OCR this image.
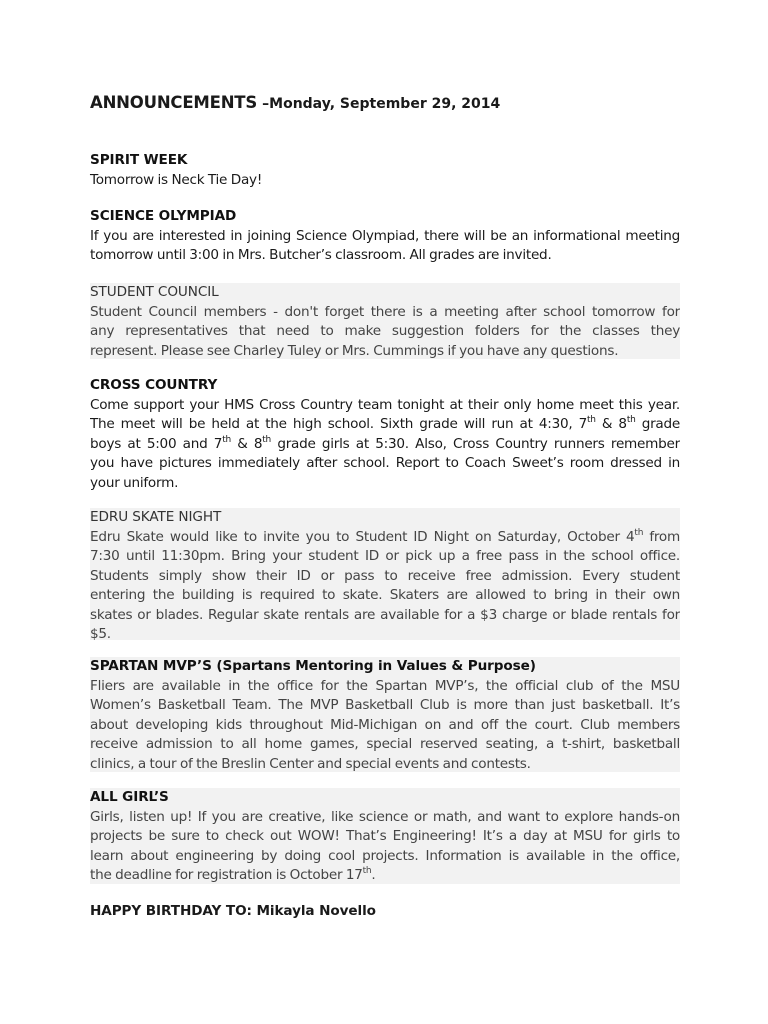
ANNOUNCEMENTS –Monday, September 29, 2014
SPIRIT WEEK
Tomorrow is Neck Tie Day!
SCIENCE OLYMPIAD
If you are interested in joining Science Olympiad, there will be an informational meeting
tomorrow until 3:00 in Mrs. Butcher’s classroom. All grades are invited.
STUDENT COUNCIL
Student Council members - don't forget there is a meeting after school tomorrow for
any representatives that need to make suggestion folders for the classes they
represent. Please see Charley Tuley or Mrs. Cummings if you have any questions.
CROSS COUNTRY
Come support your HMS Cross Country team tonight at their only home meet this year.
The meet will be held at the high school. Sixth grade will run at 4:30, 7th & 8th grade
boys at 5:00 and 7th & 8th grade girls at 5:30. Also, Cross Country runners remember
you have pictures immediately after school. Report to Coach Sweet’s room dressed in
your uniform.
EDRU SKATE NIGHT
Edru Skate would like to invite you to Student ID Night on Saturday, October 4th from
7:30 until 11:30pm. Bring your student ID or pick up a free pass in the school office.
Students simply show their ID or pass to receive free admission. Every student
entering the building is required to skate. Skaters are allowed to bring in their own
skates or blades. Regular skate rentals are available for a $3 charge or blade rentals for
$5.
SPARTAN MVP’S (Spartans Mentoring in Values & Purpose)
Fliers are available in the office for the Spartan MVP’s, the official club of the MSU
Women’s Basketball Team. The MVP Basketball Club is more than just basketball. It’s
about developing kids throughout Mid-Michigan on and off the court. Club members
receive admission to all home games, special reserved seating, a t-shirt, basketball
clinics, a tour of the Breslin Center and special events and contests.
ALL GIRL’S
Girls, listen up! If you are creative, like science or math, and want to explore hands-on
projects be sure to check out WOW! That’s Engineering! It’s a day at MSU for girls to
learn about engineering by doing cool projects. Information is available in the office,
the deadline for registration is October 17th.
HAPPY BIRTHDAY TO: Mikayla Novello
